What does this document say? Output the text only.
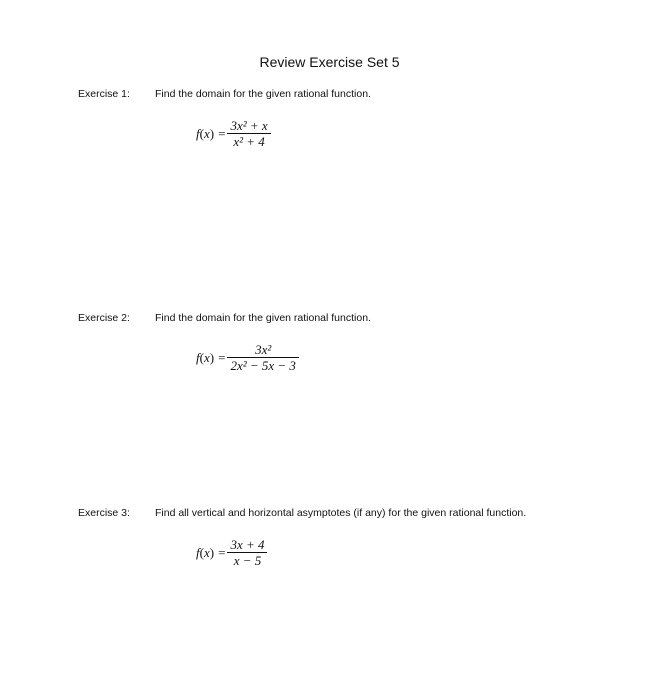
Review Exercise Set 5
Exercise 1: Find the domain for the given rational function.
$f(x) = \frac{\text{3x² + x}}{\text{x² + 4}}$
Exercise 2: Find the domain for the given rational function.
$f(x) = \frac{\text{3x²}}{\text{2x² − 5x − 3}}$
Exercise 3: Find all vertical and horizontal asymptotes (if any) for the given rational function.
$f(x) = \frac{3x + 4}{x - 5}$
